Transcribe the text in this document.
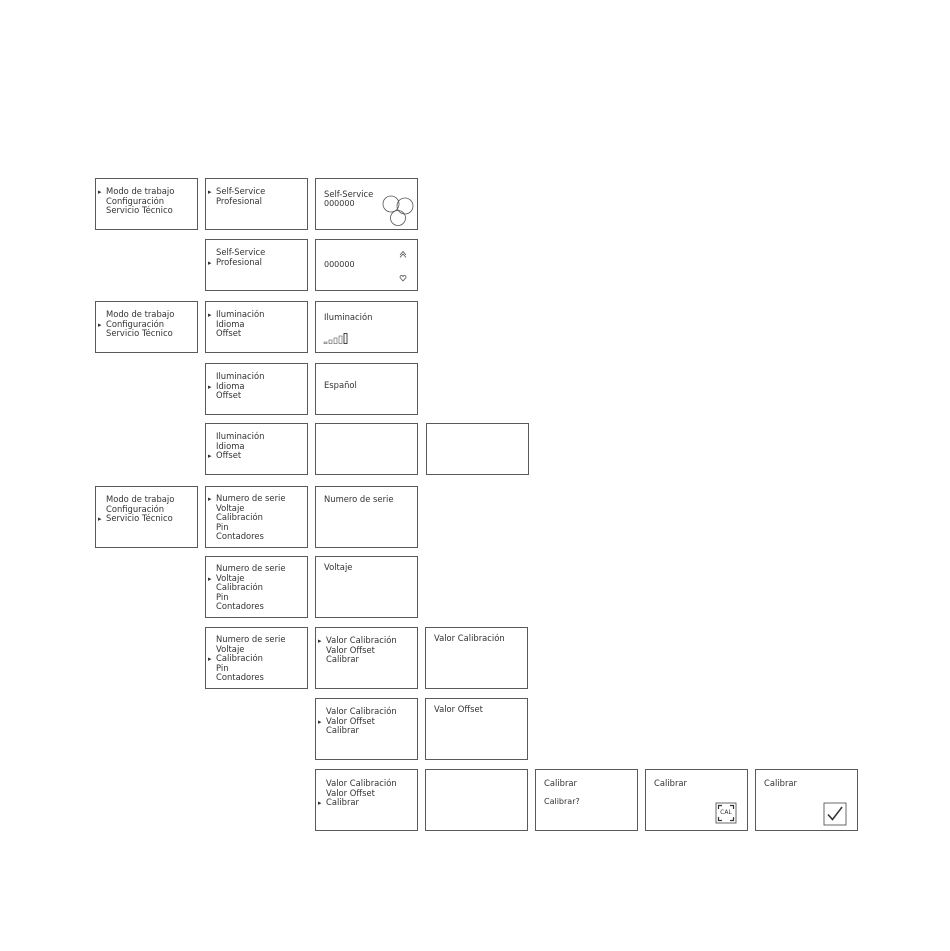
▸ Modo de trabajo
Configuración
Servicio Técnico
▸ Self-Service
Profesional
Self-Service
000000
Self-Service
▸ Profesional	000000
Modo de trabajo
▸ Configuración
Servicio Técnico
▸ Iluminación
Idioma
Offset
Iluminación
Iluminación
▸ Idioma
Offset
Español
Iluminación
Idioma
▸ Offset
Modo de trabajo
Configuración
▸ Servicio Técnico
▸ Numero de serie
Voltaje
Calibración
Pin
Contadores
Numero de serie
Numero de serie
▸ Voltaje
Calibración
Pin
Contadores
Voltaje
Numero de serie
Voltaje
▸ Calibración
Pin
Contadores
▸ Valor Calibración
Valor Offset
Calibrar
Valor Calibración
Valor Calibración
▸ Valor Offset
Calibrar
Valor Offset
Valor Calibración
Valor Offset
▸ Calibrar
Calibrar
Calibrar?
Calibrar
CAL
Calibrar
